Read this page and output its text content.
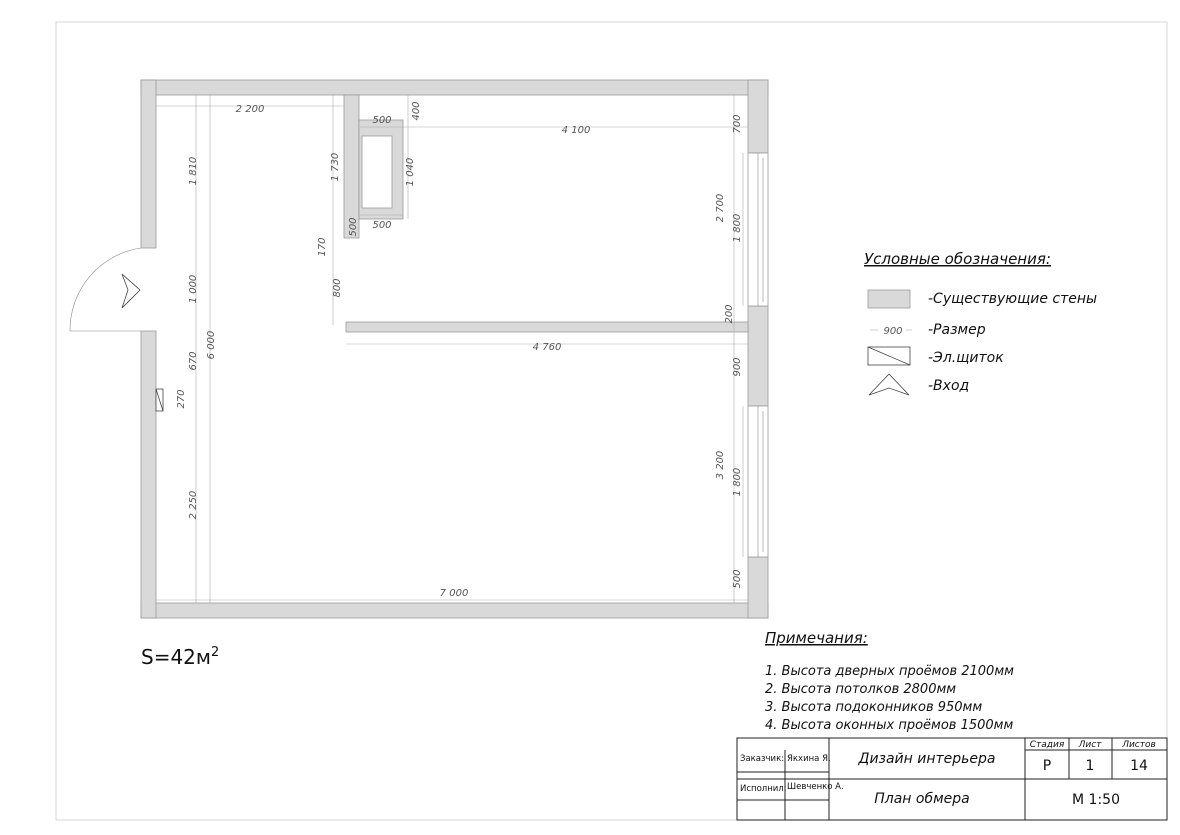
2 200
500 400
4 100	700
1 810	1 730	1 040
2 700
1 800
500 500
170
800
1 000
200
4 760
670
6 000
900
270
3 200
1 800
2 250
500
7 000
$S=42м^2$
Условные обозначения:
-Существующие стены
900 -Размер
-Эл.щиток
-Вход
Примечания:
1. Высота дверных проёмов 2100мм
2. Высота потолков 2800мм
3. Высота подоконников 950мм
4. Высота оконных проёмов 1500мм
Заказчик: Якхина Я.
Исполнил: Шевченко А.
Дизайн интерьера
План обмера
Стадия Лист Листов
Р 1	14
М 1:50
